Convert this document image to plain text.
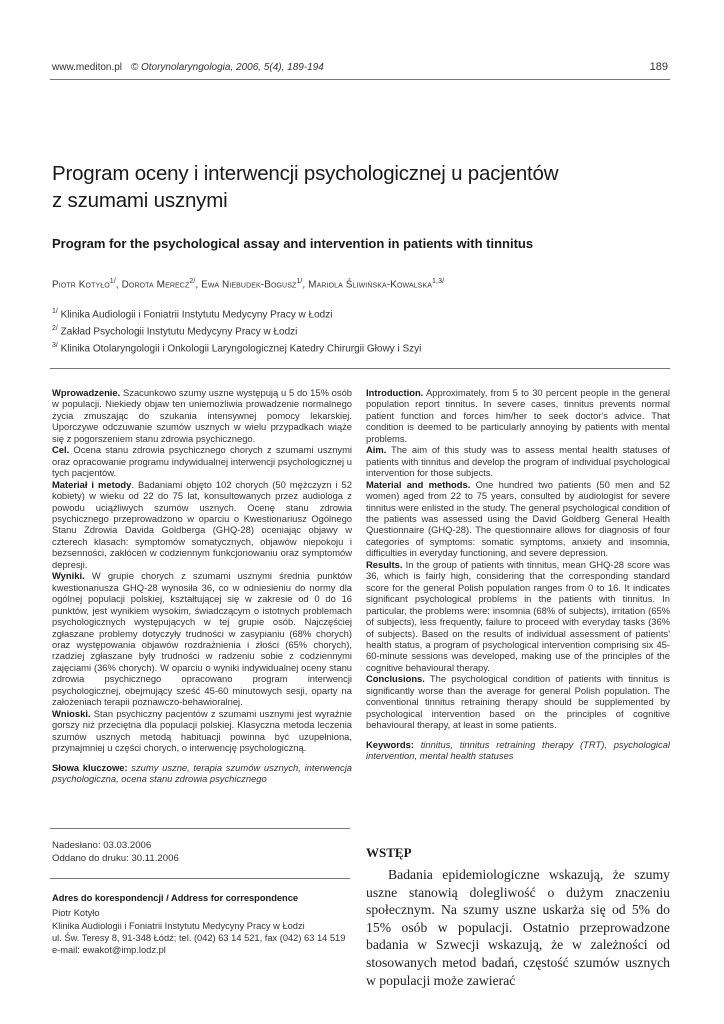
www.mediton.pl © Otorynolaryngologia, 2006, 5(4), 189-194	189
Program oceny i interwencji psychologicznej u pacjentów
z szumami usznymi
Program for the psychological assay and intervention in patients with tinnitus
Piotr Kotyło$^{1/}$, Dorota Merecz$^{2/}$, Ewa Niebudek-Bogusz$^{1/}$, Mariola Śliwińska-Kowalska$^{1,3/}$
$^{1/}$ Klinika Audiologii i Foniatrii Instytutu Medycyny Pracy w Łodzi
$^{2/}$ Zakład Psychologii Instytutu Medycyny Pracy w Łodzi
$^{3/}$ Klinika Otolaryngologii i Onkologii Laryngologicznej Katedry Chirurgii Głowy i Szyi

Wprowadzenie. Szacunkowo szumy uszne występują u 5 do 15% osób w populacji. Niekiedy objaw ten uniemożliwia prowadzenie normalnego życia zmuszając do szukania intensywnej pomocy lekarskiej. Uporczywe odczuwanie szumów usznych w wielu przypadkach wiąże się z pogorszeniem stanu zdrowia psychicznego.

Cel. Ocena stanu zdrowia psychicznego chorych z szumami usznymi oraz opracowanie programu indywidualnej interwencji psychologicznej u tych pacjentów.

Materiał i metody. Badaniami objęto 102 chorych (50 mężczyzn i 52 kobiety) w wieku od 22 do 75 lat, konsultowanych przez audiologa z powodu uciążliwych szumów usznych. Ocenę stanu zdrowia psychicznego przeprowadzono w oparciu o Kwestionariusz Ogólnego Stanu Zdrowia Davida Goldberga (GHQ-28) oceniając objawy w czterech klasach: symptomów somatycznych, objawów niepokoju i bezsenności, zakłóceń w codziennym funkcjonowaniu oraz symptomów depresji.

Wyniki. W grupie chorych z szumami usznymi średnia punktów kwestionariusza GHQ-28 wynosiła 36, co w odniesieniu do normy dla ogólnej populacji polskiej, kształtującej się w zakresie od 0 do 16 punktów, jest wynikiem wysokim, świadczącym o istotnych problemach psychologicznych występujących w tej grupie osób. Najczęściej zgłaszane problemy dotyczyły trudności w zasypianiu (68% chorych) oraz występowania objawów rozdrażnienia i złości (65% chorych), rzadziej zgłaszane były trudności w radzeniu sobie z codziennymi zajęciami (36% chorych). W oparciu o wyniki indywidualnej oceny stanu zdrowia psychicznego opracowano program interwencji psychologicznej, obejmujący sześć 45-60 minutowych sesji, oparty na założeniach terapii poznawczo-behawioralnej.

Wnioski. Stan psychiczny pacjentów z szumami usznymi jest wyraźnie gorszy niż przeciętna dla populacji polskiej. Klasyczna metoda leczenia szumów usznych metodą habituacji powinna być uzupełniona, przynajmniej u części chorych, o interwencję psychologiczną.

Słowa kluczowe: szumy uszne, terapia szumów usznych, interwencja psychologiczna, ocena stanu zdrowia psychicznego

Introduction. Approximately, from 5 to 30 percent people in the general population report tinnitus. In severe cases, tinnitus prevents normal patient function and forces him/her to seek doctor's advice. That condition is deemed to be particularly annoying by patients with mental problems.

Aim. The aim of this study was to assess mental health statuses of patients with tinnitus and develop the program of individual psychological intervention for those subjects.

Material and methods. One hundred two patients (50 men and 52 women) aged from 22 to 75 years, consulted by audiologist for severe tinnitus were enlisted in the study. The general psychological condition of the patients was assessed using the David Goldberg General Health Questionnaire (GHQ-28). The questionnaire allows for diagnosis of four categories of symptoms: somatic symptoms, anxiety and insomnia, difficulties in everyday functioning, and severe depression.

Results. In the group of patients with tinnitus, mean GHQ-28 score was 36, which is fairly high, considering that the corresponding standard score for the general Polish population ranges from 0 to 16. It indicates significant psychological problems in the patients with tinnitus. In particular, the problems were: insomnia (68% of subjects), irritation (65% of subjects), less frequently, failure to proceed with everyday tasks (36% of subjects). Based on the results of individual assessment of patients' health status, a program of psychological intervention comprising six 45-60-minute sessions was developed, making use of the principles of the cognitive behavioural therapy.

Conclusions. The psychological condition of patients with tinnitus is significantly worse than the average for general Polish population. The conventional tinnitus retraining therapy should be supplemented by psychological intervention based on the principles of cognitive behavioural therapy, at least in some patients.

Keywords: tinnitus, tinnitus retraining therapy (TRT), psychological intervention, mental health statuses

Nadesłano: 03.03.2006
Oddano do druku: 30.11.2006
Adres do korespondencji / Address for correspondence
Piotr Kotyło
Klinika Audiologii i Foniatrii Instytutu Medycyny Pracy w Łodzi
ul. Św. Teresy 8, 91-348 Łódź; tel. (042) 63 14 521, fax (042) 63 14 519
e-mail: ewakot@imp.lodz.pl
WSTĘP

Badania epidemiologiczne wskazują, że szumy uszne stanowią dolegliwość o dużym znaczeniu społecznym. Na szumy uszne uskarża się od 5% do 15% osób w populacji. Ostatnio przeprowadzone badania w Szwecji wskazują, że w zależności od stosowanych metod badań, częstość szumów usznych w populacji może zawierać
